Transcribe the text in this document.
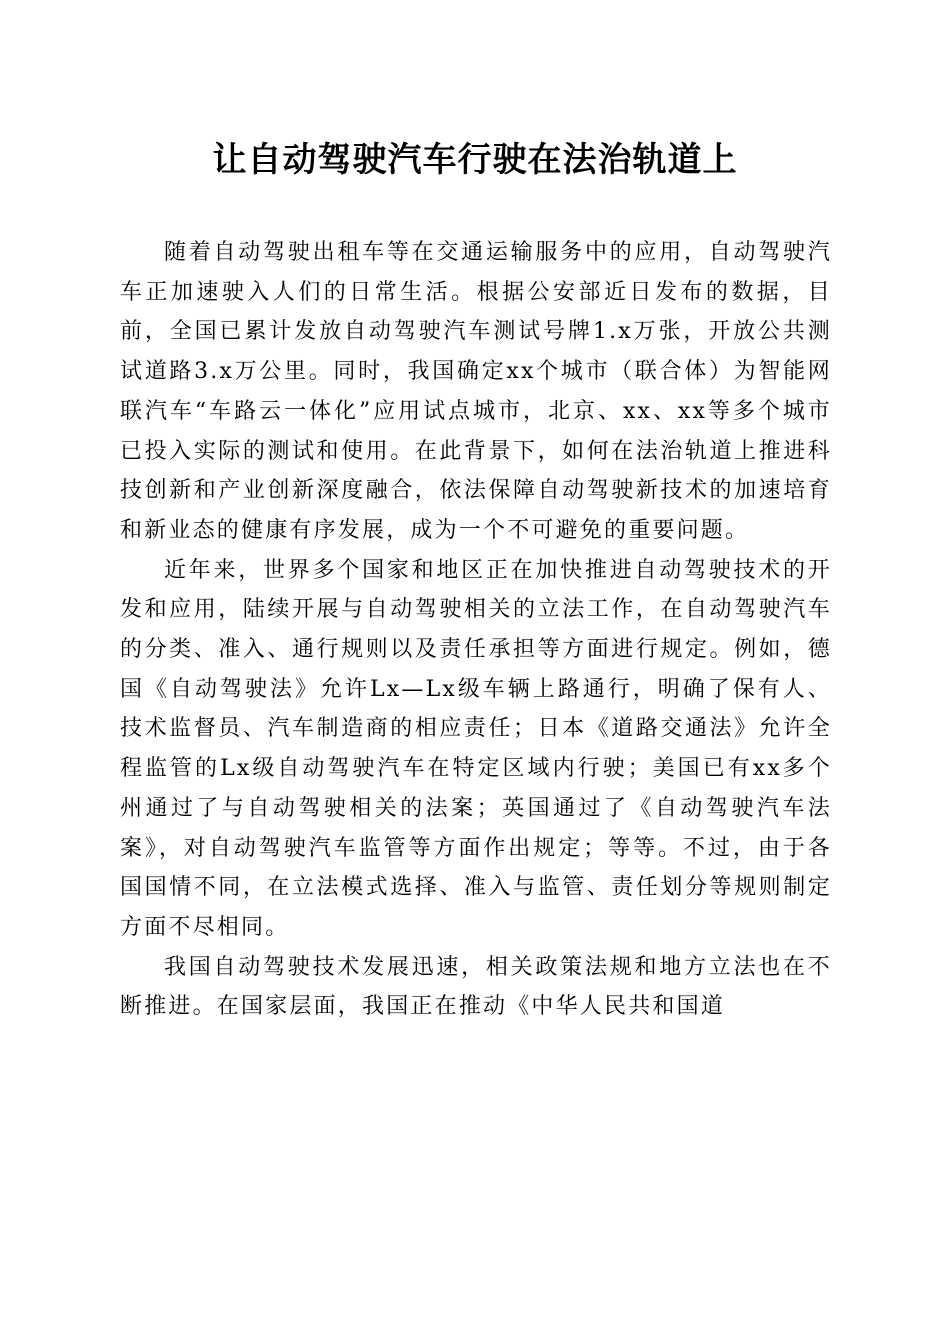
让自动驾驶汽车行驶在法治轨道上

随着自动驾驶出租车等在交通运输服务中的应用，自动驾驶汽车正加速驶入人们的日常生活。根据公安部近日发布的数据，目前，全国已累计发放自动驾驶汽车测试号牌1.x万张，开放公共测试道路3.x万公里。同时，我国确定xx个城市（联合体）为智能网联汽车“车路云一体化”应用试点城市，北京、xx、xx等多个城市已投入实际的测试和使用。在此背景下，如何在法治轨道上推进科技创新和产业创新深度融合，依法保障自动驾驶新技术的加速培育和新业态的健康有序发展，成为一个不可避免的重要问题。

近年来，世界多个国家和地区正在加快推进自动驾驶技术的开发和应用，陆续开展与自动驾驶相关的立法工作，在自动驾驶汽车的分类、准入、通行规则以及责任承担等方面进行规定。例如，德国《自动驾驶法》允许Lx—Lx级车辆上路通行，明确了保有人、技术监督员、汽车制造商的相应责任；日本《道路交通法》允许全程监管的Lx级自动驾驶汽车在特定区域内行驶；美国已有xx多个州通过了与自动驾驶相关的法案；英国通过了《自动驾驶汽车法案》，对自动驾驶汽车监管等方面作出规定；等等。不过，由于各国国情不同，在立法模式选择、准入与监管、责任划分等规则制定方面不尽相同。

我国自动驾驶技术发展迅速，相关政策法规和地方立法也在不断推进。在国家层面，我国正在推动《中华人民共和国道
